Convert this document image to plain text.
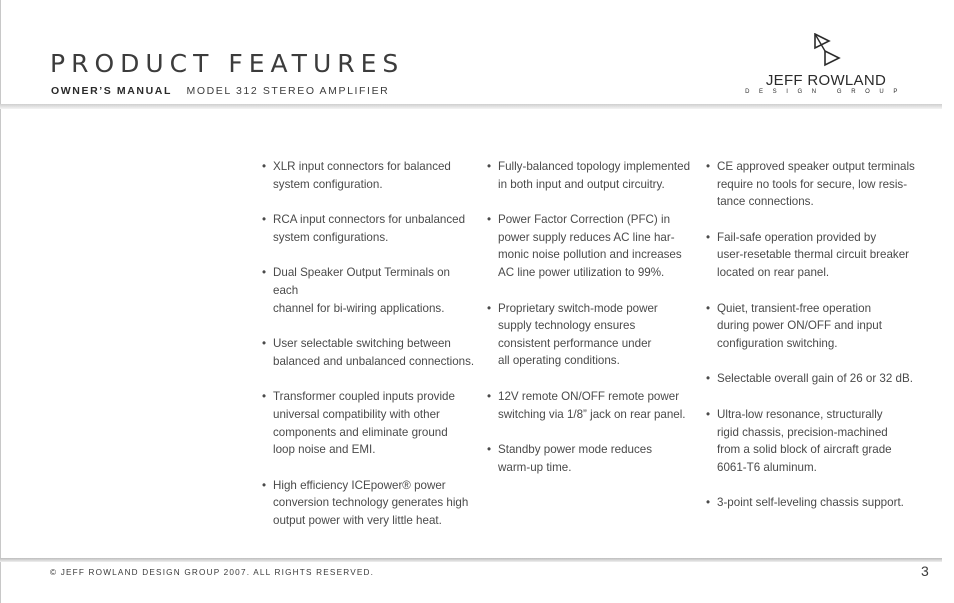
PRODUCT FEATURES
OWNER’S MANUAL MODEL 312 STEREO AMPLIFIER
JEFF ROWLAND
DESIGN GROUP
• XLR input connectors for balanced
system configuration.
• RCA input connectors for unbalanced
system configurations.
• Dual Speaker Output Terminals on each
channel for bi-wiring applications.
• User selectable switching between
balanced and unbalanced connections.
• Transformer coupled inputs provide
universal compatibility with other
components and eliminate ground
loop noise and EMI.
• High efficiency ICEpower® power
conversion technology generates high
output power with very little heat.
• Fully-balanced topology implemented
in both input and output circuitry.
• Power Factor Correction (PFC) in
power supply reduces AC line har-
monic noise pollution and increases
AC line power utilization to 99%.
• Proprietary switch-mode power
supply technology ensures
consistent performance under
all operating conditions.
• 12V remote ON/OFF remote power
switching via 1/8” jack on rear panel.
• Standby power mode reduces
warm-up time.
• CE approved speaker output terminals
require no tools for secure, low resis-
tance connections.
• Fail-safe operation provided by
user-resetable thermal circuit breaker
located on rear panel.
• Quiet, transient-free operation
during power ON/OFF and input
configuration switching.
• Selectable overall gain of 26 or 32 dB.
• Ultra-low resonance, structurally
rigid chassis, precision-machined
from a solid block of aircraft grade
6061-T6 aluminum.
• 3-point self-leveling chassis support.
© JEFF ROWLAND DESIGN GROUP 2007. ALL RIGHTS RESERVED.	3
